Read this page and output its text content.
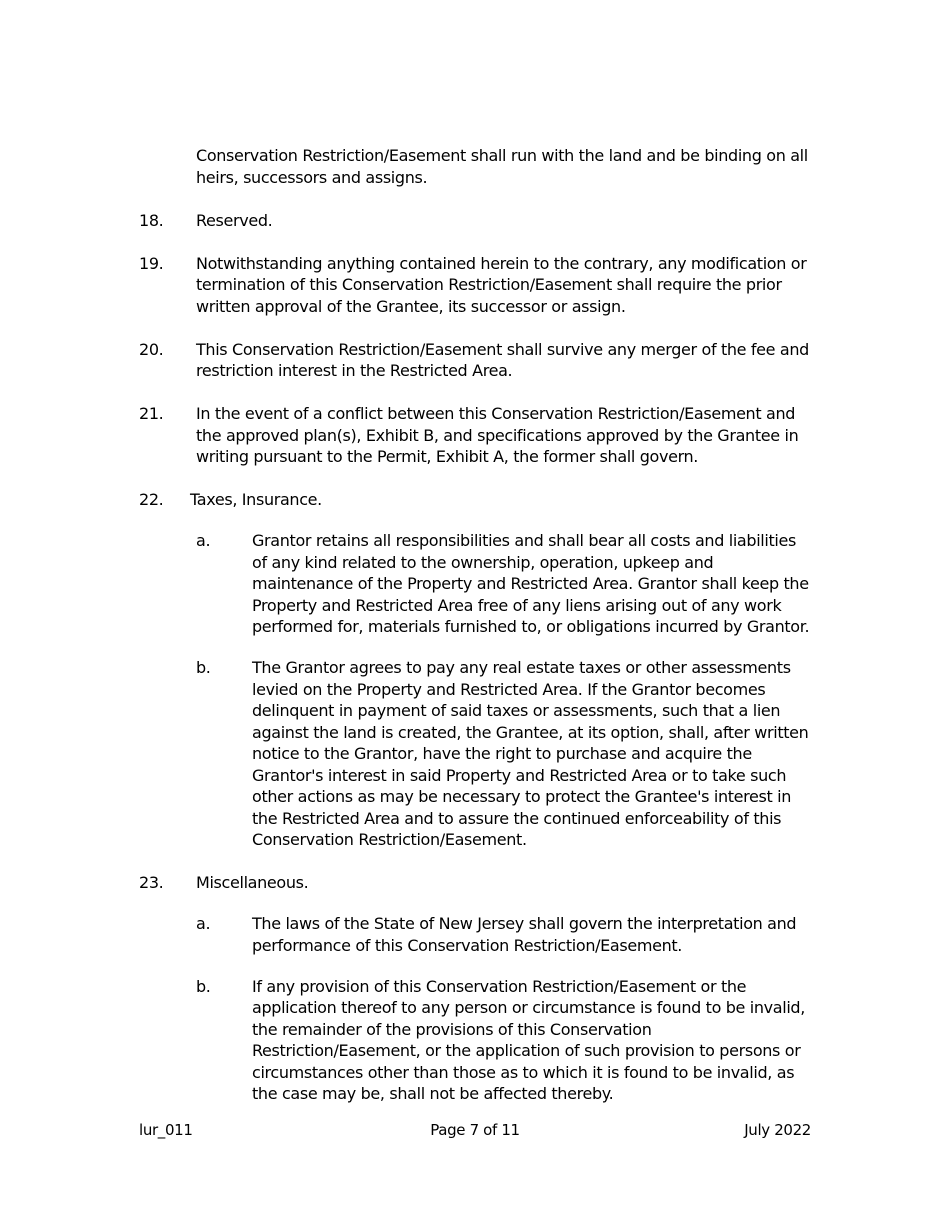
Conservation Restriction/Easement shall run with the land and be binding on all heirs, successors and assigns.
18.	Reserved.
19.	Notwithstanding anything contained herein to the contrary, any modification or termination of this Conservation Restriction/Easement shall require the prior written approval of the Grantee, its successor or assign.
20.	This Conservation Restriction/Easement shall survive any merger of the fee and restriction interest in the Restricted Area.
21.	In the event of a conflict between this Conservation Restriction/Easement and the approved plan(s), Exhibit B, and specifications approved by the Grantee in writing pursuant to the Permit, Exhibit A, the former shall govern.
22.	Taxes, Insurance.
a.	Grantor retains all responsibilities and shall bear all costs and liabilities of any kind related to the ownership, operation, upkeep and maintenance of the Property and Restricted Area. Grantor shall keep the Property and Restricted Area free of any liens arising out of any work performed for, materials furnished to, or obligations incurred by Grantor.
b.	The Grantor agrees to pay any real estate taxes or other assessments levied on the Property and Restricted Area. If the Grantor becomes delinquent in payment of said taxes or assessments, such that a lien against the land is created, the Grantee, at its option, shall, after written notice to the Grantor, have the right to purchase and acquire the Grantor's interest in said Property and Restricted Area or to take such other actions as may be necessary to protect the Grantee's interest in the Restricted Area and to assure the continued enforceability of this Conservation Restriction/Easement.
23.	Miscellaneous.
a.	The laws of the State of New Jersey shall govern the interpretation and performance of this Conservation Restriction/Easement.
b.	If any provision of this Conservation Restriction/Easement or the application thereof to any person or circumstance is found to be invalid, the remainder of the provisions of this Conservation Restriction/Easement, or the application of such provision to persons or circumstances other than those as to which it is found to be invalid, as the case may be, shall not be affected thereby.
lur_011	Page 7 of 11	July 2022
